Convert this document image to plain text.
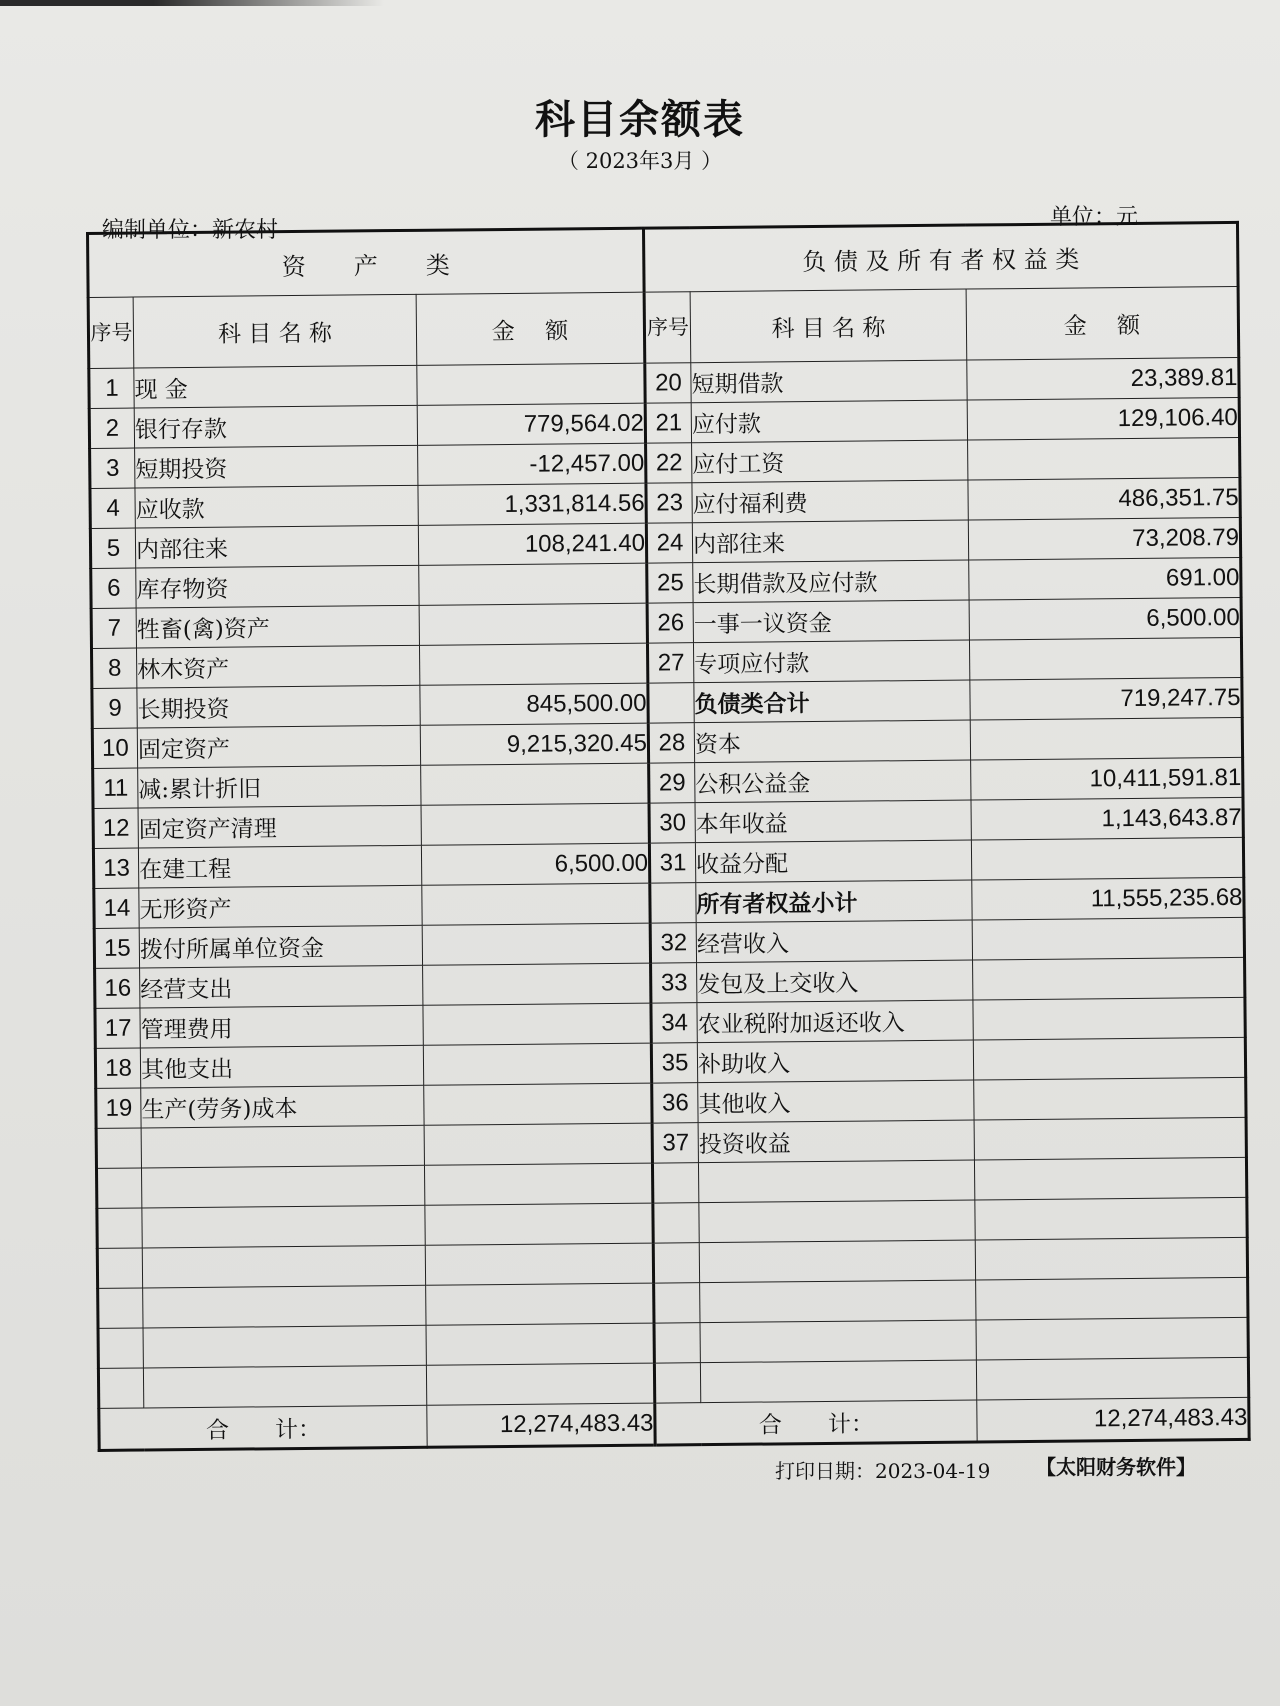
科目余额表
（ 2023年3月 ）
编制单位：新农村
单位：元
资　　产　　类			负 债 及 所 有 者 权 益 类		
序号	科 目 名 称	金　 额	序号	科 目 名 称	金　 额
1	现 金		20	短期借款	23,389.81
2	银行存款	779,564.02	21	应付款	129,106.40
3	短期投资	-12,457.00	22	应付工资	
4	应收款	1,331,814.56	23	应付福利费	486,351.75
5	内部往来	108,241.40	24	内部往来	73,208.79
6	库存物资		25	长期借款及应付款	691.00
7	牲畜(禽)资产		26	一事一议资金	6,500.00
8	林木资产		27	专项应付款	
9	长期投资	845,500.00		负债类合计	719,247.75
10	固定资产	9,215,320.45	28	资本	
11	减:累计折旧		29	公积公益金	10,411,591.81
12	固定资产清理		30	本年收益	1,143,643.87
13	在建工程	6,500.00	31	收益分配	
14	无形资产			所有者权益小计	11,555,235.68
15	拨付所属单位资金		32	经营收入	
16	经营支出		33	发包及上交收入	
17	管理费用		34	农业税附加返还收入	
18	其他支出		35	补助收入	
19	生产(劳务)成本		36	其他收入	
			37	投资收益	

合　　计：		12,274,483.43	合　　计：		12,274,483.43
打印日期：2023-04-19 【太阳财务软件】
